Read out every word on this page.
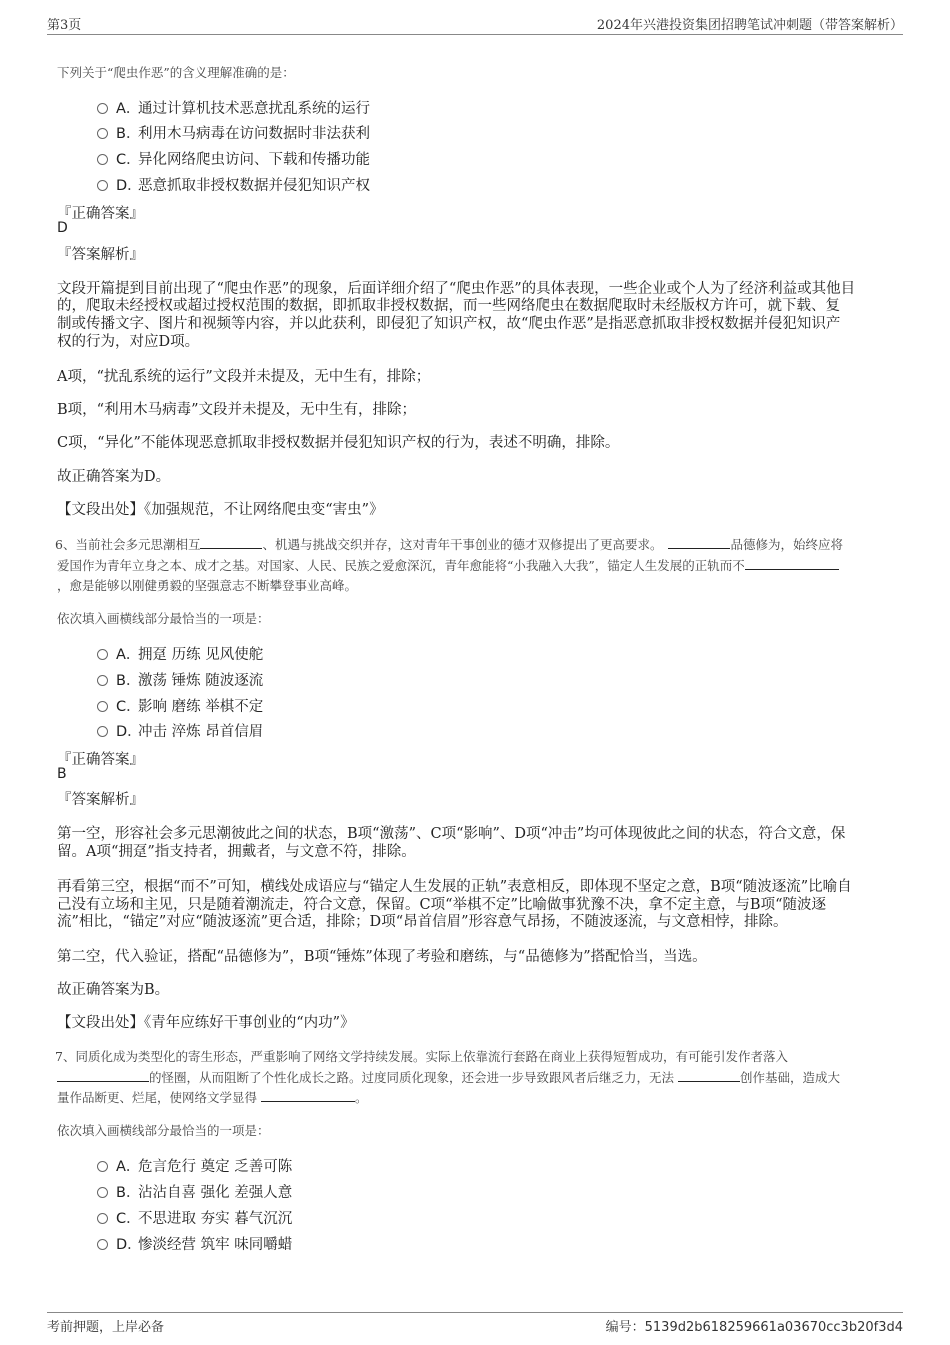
第3页	2024年兴港投资集团招聘笔试冲刺题（带答案解析）
下列关于“爬虫作恶”的含义理解准确的是：
A．通过计算机技术恶意扰乱系统的运行
B．利用木马病毒在访问数据时非法获利
C．异化网络爬虫访问、下载和传播功能
D．恶意抓取非授权数据并侵犯知识产权
『正确答案』
D
『答案解析』
文段开篇提到目前出现了“爬虫作恶”的现象，后面详细介绍了“爬虫作恶”的具体表现，一些企业或个人为了经济利益或其他目
的，爬取未经授权或超过授权范围的数据，即抓取非授权数据，而一些网络爬虫在数据爬取时未经版权方许可，就下载、复
制或传播文字、图片和视频等内容，并以此获利，即侵犯了知识产权，故“爬虫作恶”是指恶意抓取非授权数据并侵犯知识产
权的行为，对应D项。
A项，“扰乱系统的运行”文段并未提及，无中生有，排除；
B项，“利用木马病毒”文段并未提及，无中生有，排除；
C项，“异化”不能体现恶意抓取非授权数据并侵犯知识产权的行为，表述不明确，排除。
故正确答案为D。
【文段出处】《加强规范，不让网络爬虫变“害虫”》
6、当前社会多元思潮相互	、机遇与挑战交织并存，这对青年干事创业的德才双修提出了更高要求。	品德修为，始终应将
爱国作为青年立身之本、成才之基。对国家、人民、民族之爱愈深沉，青年愈能将“小我融入大我”，锚定人生发展的正轨而不
，愈是能够以刚健勇毅的坚强意志不断攀登事业高峰。
依次填入画横线部分最恰当的一项是：
A．拥趸 历练 见风使舵
B．激荡 锤炼 随波逐流
C．影响 磨练 举棋不定
D．冲击 淬炼 昂首信眉
『正确答案』
B
『答案解析』
第一空，形容社会多元思潮彼此之间的状态，B项“激荡”、C项“影响”、D项“冲击”均可体现彼此之间的状态，符合文意，保
留。A项“拥趸”指支持者，拥戴者，与文意不符，排除。
再看第三空，根据“而不”可知，横线处成语应与“锚定人生发展的正轨”表意相反，即体现不坚定之意，B项“随波逐流”比喻自
己没有立场和主见，只是随着潮流走，符合文意，保留。C项“举棋不定”比喻做事犹豫不决，拿不定主意，与B项“随波逐
流”相比，“锚定”对应“随波逐流”更合适，排除；D项“昂首信眉”形容意气昂扬，不随波逐流，与文意相悖，排除。
第二空，代入验证，搭配“品德修为”，B项“锤炼”体现了考验和磨练，与“品德修为”搭配恰当，当选。
故正确答案为B。
【文段出处】《青年应练好干事创业的“内功”》
7、同质化成为类型化的寄生形态，严重影响了网络文学持续发展。实际上依靠流行套路在商业上获得短暂成功，有可能引发作者落入
的怪圈，从而阻断了个性化成长之路。过度同质化现象，还会进一步导致跟风者后继乏力，无法	创作基础，造成大
量作品断更、烂尾，使网络文学显得	。
依次填入画横线部分最恰当的一项是：
A．危言危行 奠定 乏善可陈
B．沾沾自喜 强化 差强人意
C．不思进取 夯实 暮气沉沉
D．惨淡经营 筑牢 味同嚼蜡
考前押题，上岸必备	编号：5139d2b618259661a03670cc3b20f3d4
